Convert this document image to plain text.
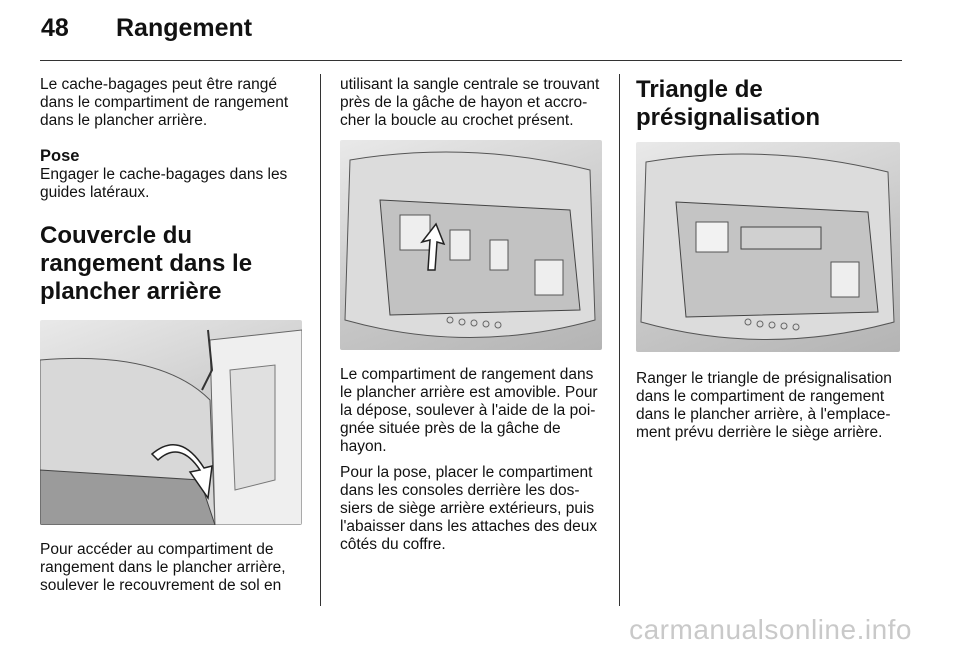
48 Rangement

Le cache-bagages peut être rangé dans le compartiment de rangement dans le plancher arrière.

Pose

Engager le cache-bagages dans les guides latéraux.

Couvercle du rangement dans le plancher arrière

Pour accéder au compartiment de rangement dans le plancher arrière, soulever le recouvrement de sol en

utilisant la sangle centrale se trouvant près de la gâche de hayon et accro-cher la boucle au crochet présent.

Le compartiment de rangement dans le plancher arrière est amovible. Pour la dépose, soulever à l'aide de la poi-gnée située près de la gâche de hayon.

Pour la pose, placer le compartiment dans les consoles derrière les dos-siers de siège arrière extérieurs, puis l'abaisser dans les attaches des deux côtés du coffre.

Triangle de présignalisation

Ranger le triangle de présignalisation dans le compartiment de rangement dans le plancher arrière, à l'emplace-ment prévu derrière le siège arrière.

carmanualsonline.info
